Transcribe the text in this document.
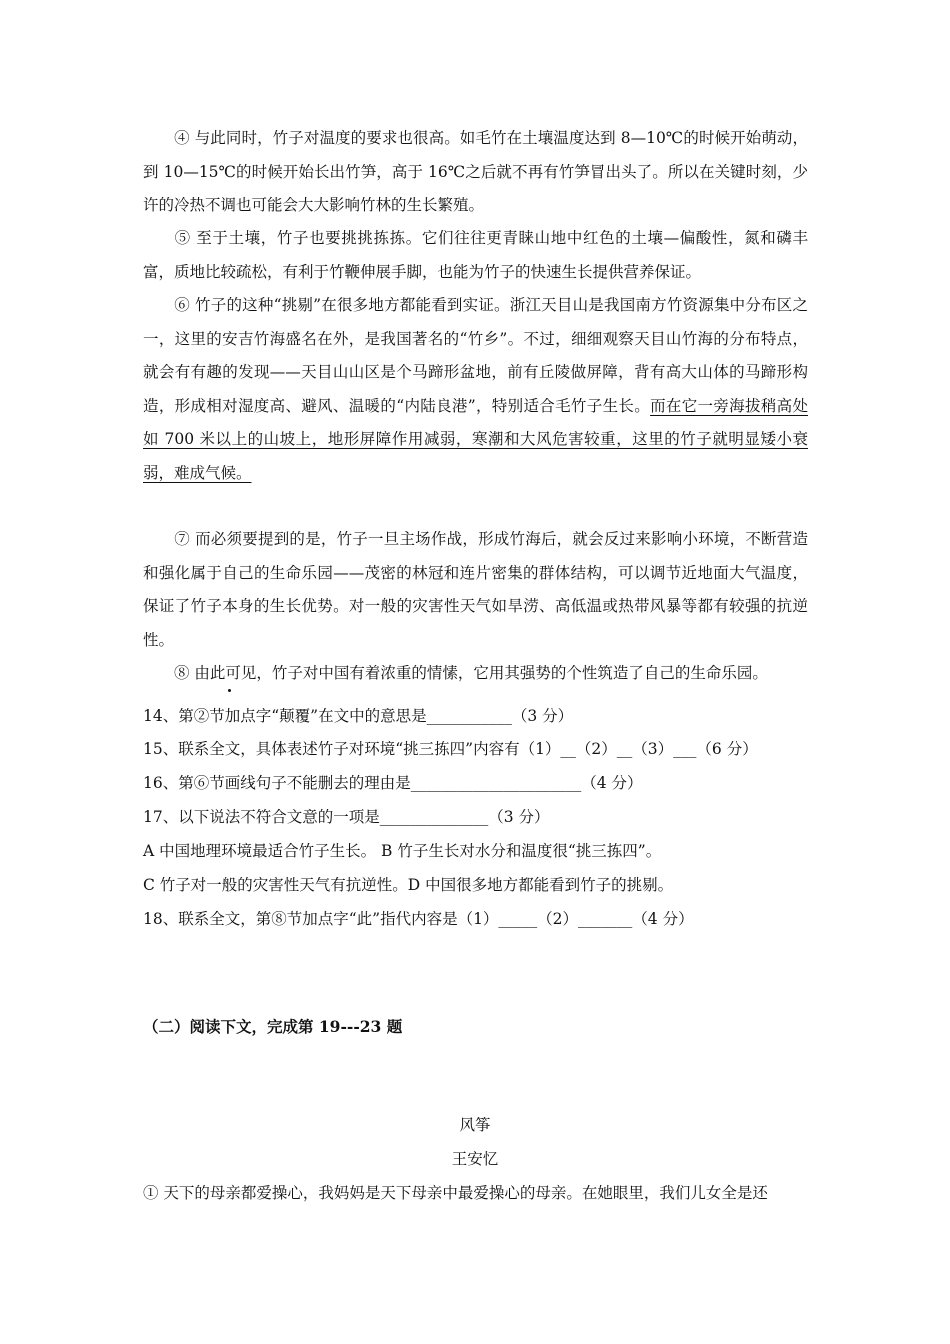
④ 与此同时，竹子对温度的要求也很高。如毛竹在土壤温度达到 8—10℃的时候开始萌动，到 10—15℃的时候开始长出竹笋，高于 16℃之后就不再有竹笋冒出头了。所以在关键时刻，少许的冷热不调也可能会大大影响竹林的生长繁殖。

⑤ 至于土壤，竹子也要挑挑拣拣。它们往往更青睐山地中红色的土壤—偏酸性，氮和磷丰富，质地比较疏松，有利于竹鞭伸展手脚，也能为竹子的快速生长提供营养保证。

⑥ 竹子的这种“挑剔”在很多地方都能看到实证。浙江天目山是我国南方竹资源集中分布区之一，这里的安吉竹海盛名在外，是我国著名的“竹乡”。不过，细细观察天目山竹海的分布特点，就会有有趣的发现——天目山山区是个马蹄形盆地，前有丘陵做屏障，背有高大山体的马蹄形构造，形成相对湿度高、避风、温暖的“内陆良港”，特别适合毛竹子生长。而在它一旁海拔稍高处如 700 米以上的山坡上，地形屏障作用减弱，寒潮和大风危害较重，这里的竹子就明显矮小衰弱，难成气候。

⑦ 而必须要提到的是，竹子一旦主场作战，形成竹海后，就会反过来影响小环境，不断营造和强化属于自己的生命乐园——茂密的林冠和连片密集的群体结构，可以调节近地面大气温度，保证了竹子本身的生长优势。对一般的灾害性天气如旱涝、高低温或热带风暴等都有较强的抗逆性。

⑧ 由此可见，竹子对中国有着浓重的情愫，它用其强势的个性筑造了自己的生命乐园。

14、第②节加点字“颠覆”在文中的意思是___________（3 分）

15、联系全文，具体表述竹子对环境“挑三拣四”内容有（1）__（2）__（3）___（6 分）

16、第⑥节画线句子不能删去的理由是______________________（4 分）

17、以下说法不符合文意的一项是______________（3 分）

A 中国地理环境最适合竹子生长。 B 竹子生长对水分和温度很“挑三拣四”。

C 竹子对一般的灾害性天气有抗逆性。D 中国很多地方都能看到竹子的挑剔。

18、联系全文，第⑧节加点字“此”指代内容是（1）_____（2）_______（4 分）

（二）阅读下文，完成第 19---23 题

风筝

王安忆

① 天下的母亲都爱操心，我妈妈是天下母亲中最爱操心的母亲。在她眼里，我们儿女全是还
